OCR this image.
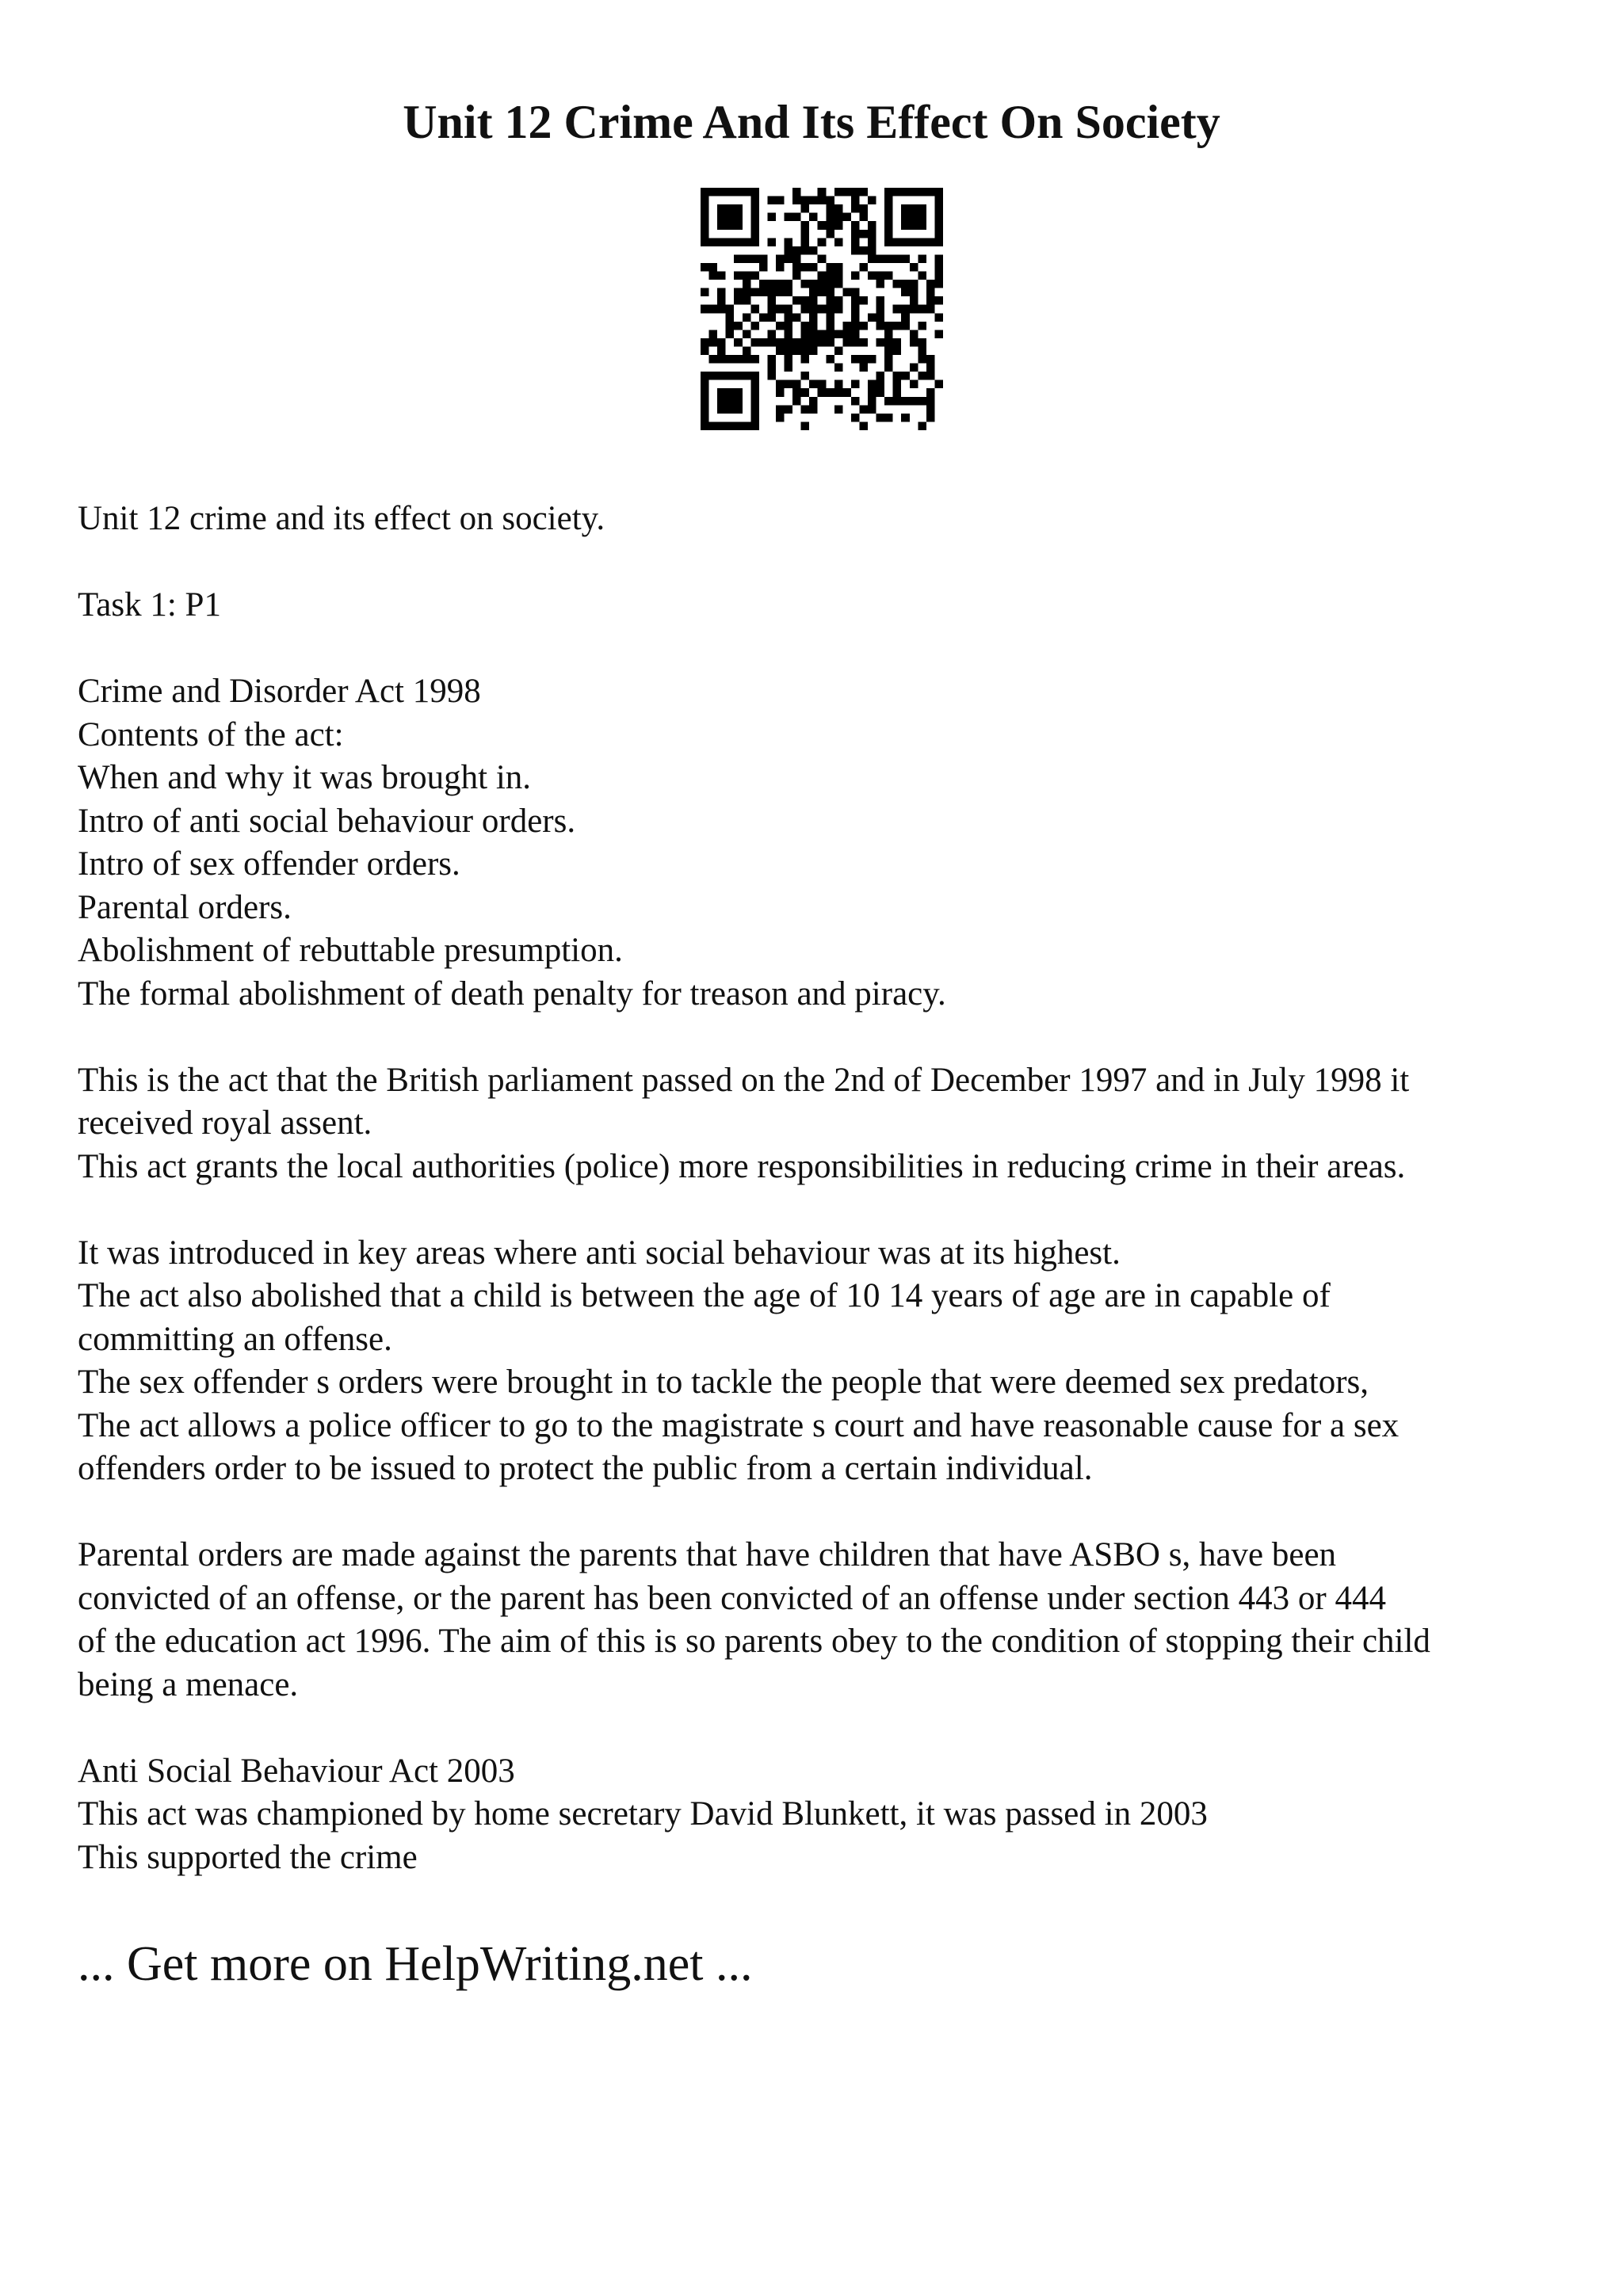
Unit 12 Crime And Its Effect On Society
Unit 12 crime and its effect on society.
Task 1: P1
Crime and Disorder Act 1998
Contents of the act:
When and why it was brought in.
Intro of anti social behaviour orders.
Intro of sex offender orders.
Parental orders.
Abolishment of rebuttable presumption.
The formal abolishment of death penalty for treason and piracy.
This is the act that the British parliament passed on the 2nd of December 1997 and in July 1998 it
received royal assent.
This act grants the local authorities (police) more responsibilities in reducing crime in their areas.
It was introduced in key areas where anti social behaviour was at its highest.
The act also abolished that a child is between the age of 10 14 years of age are in capable of
committing an offense.
The sex offender s orders were brought in to tackle the people that were deemed sex predators,
The act allows a police officer to go to the magistrate s court and have reasonable cause for a sex
offenders order to be issued to protect the public from a certain individual.
Parental orders are made against the parents that have children that have ASBO s, have been
convicted of an offense, or the parent has been convicted of an offense under section 443 or 444
of the education act 1996. The aim of this is so parents obey to the condition of stopping their child
being a menace.
Anti Social Behaviour Act 2003
This act was championed by home secretary David Blunkett, it was passed in 2003
This supported the crime
... Get more on HelpWriting.net ...
